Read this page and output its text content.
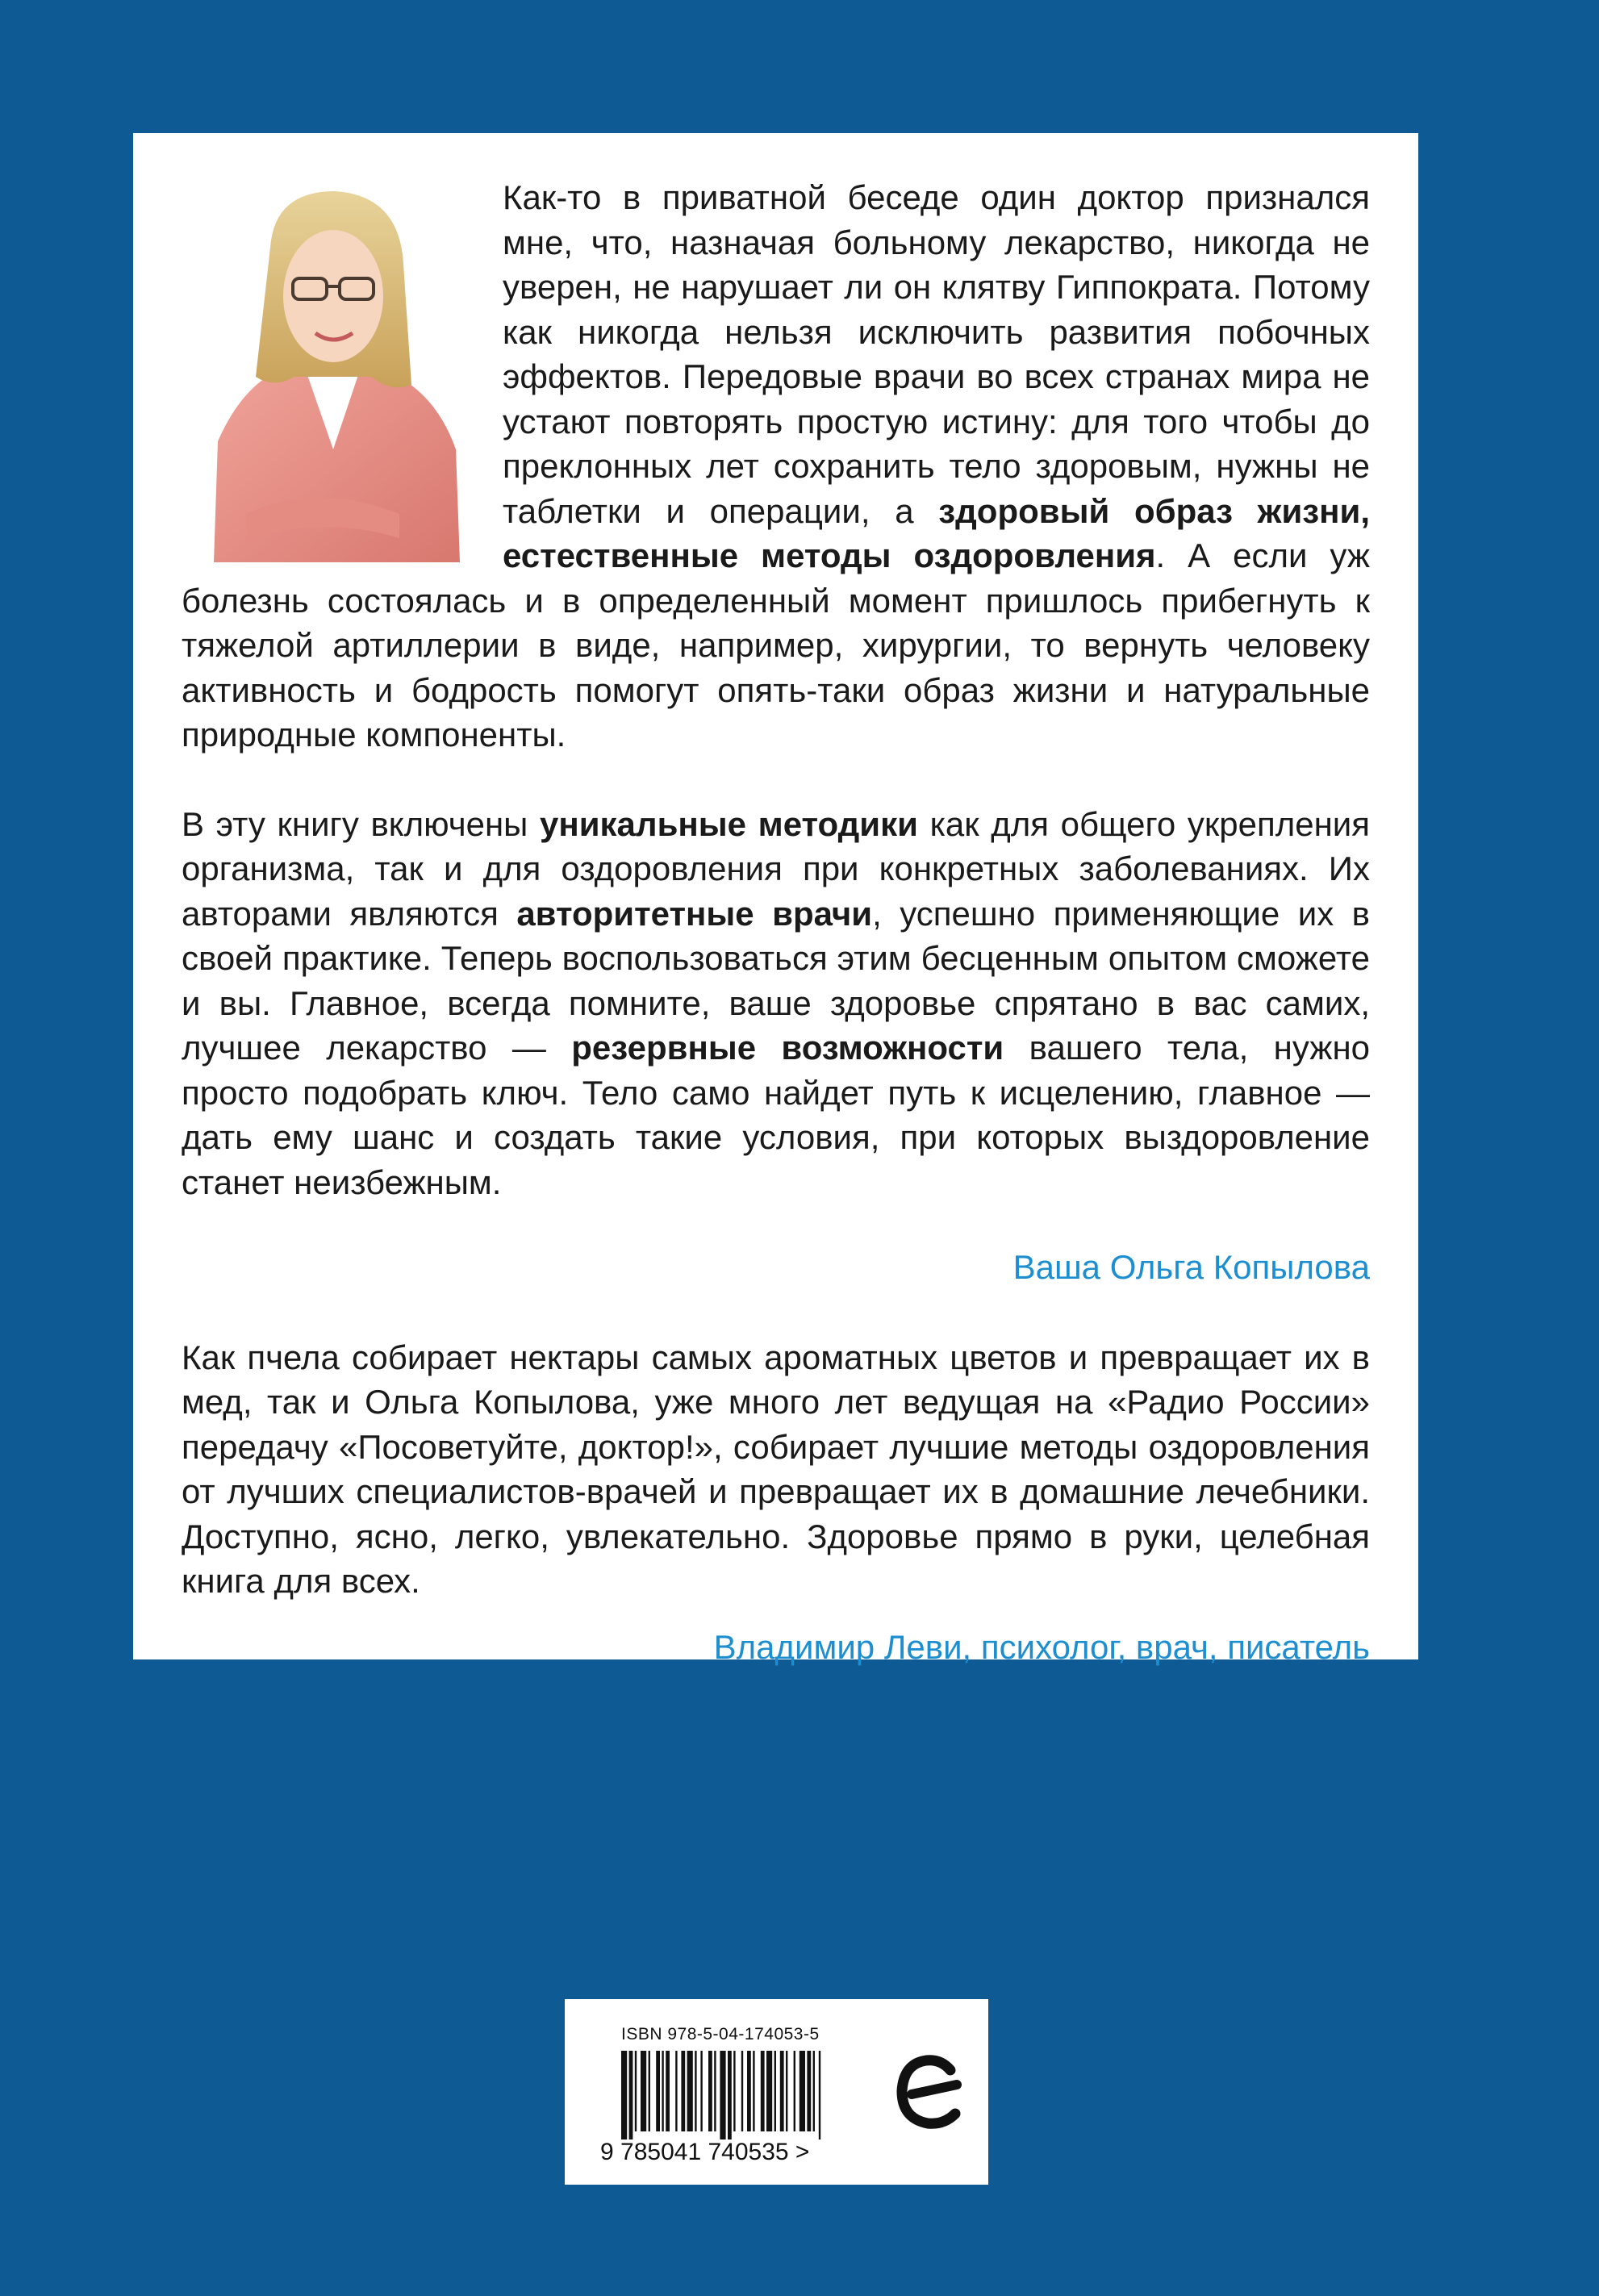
Как-то в приватной беседе один доктор признался мне, что, назначая больному лекарство, никогда не уверен, не нарушает ли он клятву Гиппократа. Потому как никогда нельзя исключить развития побочных эффектов. Передовые врачи во всех странах мира не устают повторять простую истину: для того чтобы до преклонных лет сохранить тело здоровым, нужны не таблетки и операции, а здоровый образ жизни, естественные методы оздоровления. А если уж болезнь состоялась и в определенный момент пришлось прибегнуть к тяжелой артиллерии в виде, например, хирургии, то вернуть человеку активность и бодрость помогут опять-таки образ жизни и натуральные природные компоненты.

В эту книгу включены уникальные методики как для общего укрепления организма, так и для оздоровления при конкретных заболеваниях. Их авторами являются авторитетные врачи, успешно применяющие их в своей практике. Теперь воспользоваться этим бесценным опытом сможете и вы. Главное, всегда помните, ваше здоровье спрятано в вас самих, лучшее лекарство — резервные возможности вашего тела, нужно просто подобрать ключ. Тело само найдет путь к исцелению, главное — дать ему шанс и создать такие условия, при которых выздоровление станет неизбежным.

Ваша Ольга Копылова

Как пчела собирает нектары самых ароматных цветов и превращает их в мед, так и Ольга Копылова, уже много лет ведущая на «Радио России» передачу «Посоветуйте, доктор!», собирает лучшие методы оздоровления от лучших специалистов-врачей и превращает их в домашние лечебники. Доступно, ясно, легко, увлекательно. Здоровье прямо в руки, целебная книга для всех.

Владимир Леви, психолог, врач, писатель

ISBN 978-5-04-174053-5
9 785041 740535 >
